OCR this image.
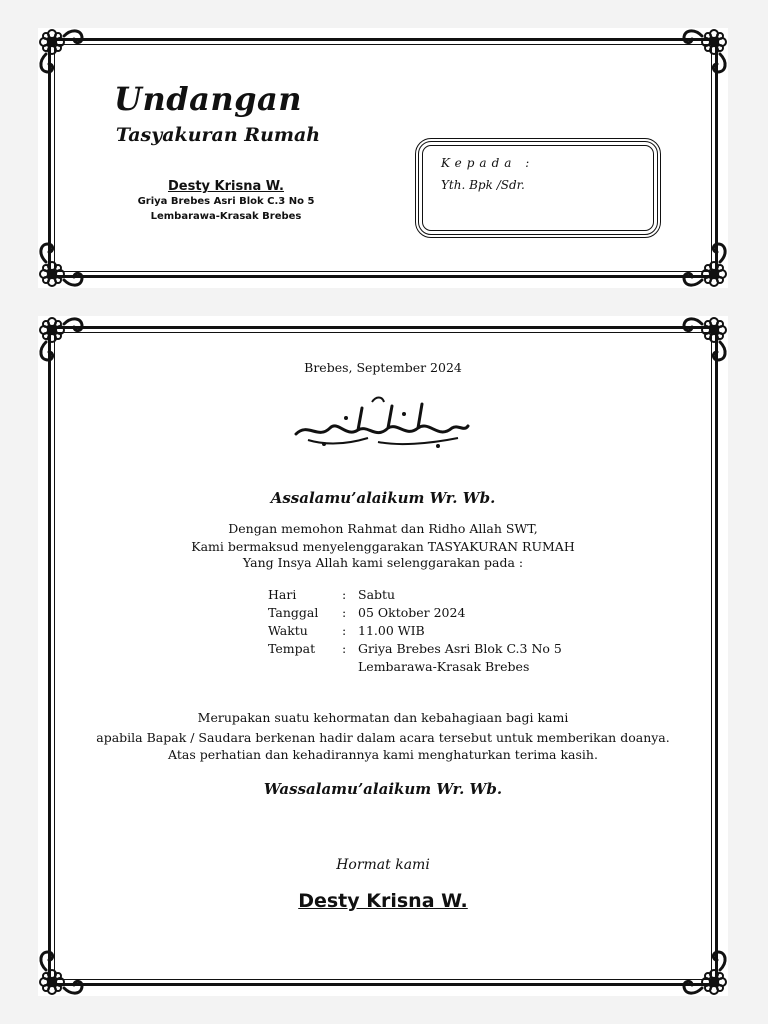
Undangan
Tasyakuran Rumah
Desty Krisna W.
Griya Brebes Asri Blok C.3 No 5
Lembarawa-Krasak Brebes
Kepada :
Yth. Bpk /Sdr.
Brebes, September 2024
Assalamu’alaikum Wr. Wb.
Dengan memohon Rahmat dan Ridho Allah SWT,
Kami bermaksud menyelenggarakan TASYAKURAN RUMAH
Yang Insya Allah kami selenggarakan pada :
Hari	: Sabtu
Tanggal	: 05 Oktober 2024
Waktu	: 11.00 WIB
Tempat	: Griya Brebes Asri Blok C.3 No 5
Lembarawa-Krasak Brebes
Merupakan suatu kehormatan dan kebahagiaan bagi kami
apabila Bapak / Saudara berkenan hadir dalam acara tersebut untuk memberikan doanya.
Atas perhatian dan kehadirannya kami menghaturkan terima kasih.
Wassalamu’alaikum Wr. Wb.
Hormat kami
Desty Krisna W.
